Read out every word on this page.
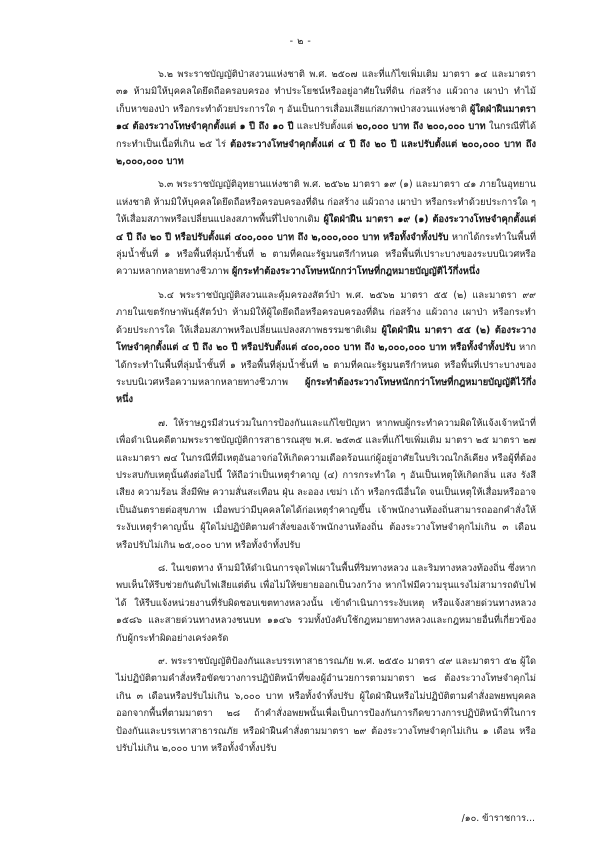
- ๒ -

๖.๒ พระราชบัญญัติป่าสงวนแห่งชาติ พ.ศ. ๒๕๐๗ และที่แก้ไขเพิ่มเติม มาตรา ๑๔ และมาตรา ๓๑ ห้ามมิให้บุคคลใดยึดถือครอบครอง ทำประโยชน์หรืออยู่อาศัยในที่ดิน ก่อสร้าง แผ้วถาง เผาป่า ทำไม้ เก็บหาของป่า หรือกระทำด้วยประการใด ๆ อันเป็นการเสื่อมเสียแก่สภาพป่าสงวนแห่งชาติ ผู้ใดฝ่าฝืนมาตรา ๑๔ ต้องระวางโทษจำคุกตั้งแต่ ๑ ปี ถึง ๑๐ ปี และปรับตั้งแต่ ๒๐,๐๐๐ บาท ถึง ๒๐๐,๐๐๐ บาท ในกรณีที่ได้กระทำเป็นเนื้อที่เกิน ๒๕ ไร่ ต้องระวางโทษจำคุกตั้งแต่ ๔ ปี ถึง ๒๐ ปี และปรับตั้งแต่ ๒๐๐,๐๐๐ บาท ถึง ๒,๐๐๐,๐๐๐ บาท

๖.๓ พระราชบัญญัติอุทยานแห่งชาติ พ.ศ. ๒๕๖๒ มาตรา ๑๙ (๑) และมาตรา ๔๑ ภายในอุทยานแห่งชาติ ห้ามมิให้บุคคลใดยึดถือหรือครอบครองที่ดิน ก่อสร้าง แผ้วถาง เผาป่า หรือกระทำด้วยประการใด ๆ ให้เสื่อมสภาพหรือเปลี่ยนแปลงสภาพพื้นที่ไปจากเดิม ผู้ใดฝ่าฝืน มาตรา ๑๙ (๑) ต้องระวางโทษจำคุกตั้งแต่ ๔ ปี ถึง ๒๐ ปี หรือปรับตั้งแต่ ๔๐๐,๐๐๐ บาท ถึง ๒,๐๐๐,๐๐๐ บาท หรือทั้งจำทั้งปรับ หากได้กระทำในพื้นที่ลุ่มน้ำชั้นที่ ๑ หรือพื้นที่ลุ่มน้ำชั้นที่ ๒ ตามที่คณะรัฐมนตรีกำหนด หรือพื้นที่เปราะบางของระบบนิเวศหรือความหลากหลายทางชีวภาพ ผู้กระทำต้องระวางโทษหนักกว่าโทษที่กฎหมายบัญญัติไว้กึ่งหนึ่ง

๖.๔ พระราชบัญญัติสงวนและคุ้มครองสัตว์ป่า พ.ศ. ๒๕๖๒ มาตรา ๕๕ (๒) และมาตรา ๙๙ ภายในเขตรักษาพันธุ์สัตว์ป่า ห้ามมิให้ผู้ใดยึดถือหรือครอบครองที่ดิน ก่อสร้าง แผ้วถาง เผาป่า หรือกระทำด้วยประการใด ให้เสื่อมสภาพหรือเปลี่ยนแปลงสภาพธรรมชาติเดิม ผู้ใดฝ่าฝืน มาตรา ๕๕ (๒) ต้องระวางโทษจำคุกตั้งแต่ ๔ ปี ถึง ๒๐ ปี หรือปรับตั้งแต่ ๔๐๐,๐๐๐ บาท ถึง ๒,๐๐๐,๐๐๐ บาท หรือทั้งจำทั้งปรับ หากได้กระทำในพื้นที่ลุ่มน้ำชั้นที่ ๑ หรือพื้นที่ลุ่มน้ำชั้นที่ ๒ ตามที่คณะรัฐมนตรีกำหนด หรือพื้นที่เปราะบางของระบบนิเวศหรือความหลากหลายทางชีวภาพ ผู้กระทำต้องระวางโทษหนักกว่าโทษที่กฎหมายบัญญัติไว้กึ่งหนึ่ง

๗. ให้ราษฎรมีส่วนร่วมในการป้องกันและแก้ไขปัญหา หากพบผู้กระทำความผิดให้แจ้งเจ้าหน้าที่ เพื่อดำเนินคดีตามพระราชบัญญัติการสาธารณสุข พ.ศ. ๒๕๓๕ และที่แก้ไขเพิ่มเติม มาตรา ๒๕ มาตรา ๒๗ และมาตรา ๗๔ ในกรณีที่มีเหตุอันอาจก่อให้เกิดความเดือดร้อนแก่ผู้อยู่อาศัยในบริเวณใกล้เคียง หรือผู้ที่ต้องประสบกับเหตุนั้นดังต่อไปนี้ ให้ถือว่าเป็นเหตุรำคาญ (๔) การกระทำใด ๆ อันเป็นเหตุให้เกิดกลิ่น แสง รังสี เสียง ความร้อน สิ่งมีพิษ ความสั่นสะเทือน ฝุ่น ละออง เขม่า เถ้า หรือกรณีอื่นใด จนเป็นเหตุให้เสื่อมหรืออาจเป็นอันตรายต่อสุขภาพ เมื่อพบว่ามีบุคคลใดได้ก่อเหตุรำคาญขึ้น เจ้าพนักงานท้องถิ่นสามารถออกคำสั่งให้ระงับเหตุรำคาญนั้น ผู้ใดไม่ปฏิบัติตามคำสั่งของเจ้าพนักงานท้องถิ่น ต้องระวางโทษจำคุกไม่เกิน ๓ เดือน หรือปรับไม่เกิน ๒๕,๐๐๐ บาท หรือทั้งจำทั้งปรับ

๘. ในเขตทาง ห้ามมิให้ดำเนินการจุดไฟเผาในพื้นที่ริมทางหลวง และริมทางหลวงท้องถิ่น ซึ่งหากพบเห็นให้รีบช่วยกันดับไฟเสียแต่ต้น เพื่อไม่ให้ขยายออกเป็นวงกว้าง หากไฟมีความรุนแรงไม่สามารถดับไฟได้ ให้รีบแจ้งหน่วยงานที่รับผิดชอบเขตทางหลวงนั้น เข้าดำเนินการระงับเหตุ หรือแจ้งสายด่วนทางหลวง ๑๕๘๖ และสายด่วนทางหลวงชนบท ๑๑๔๖ รวมทั้งบังคับใช้กฎหมายทางหลวงและกฎหมายอื่นที่เกี่ยวข้องกับผู้กระทำผิดอย่างเคร่งครัด

๙. พระราชบัญญัติป้องกันและบรรเทาสาธารณภัย พ.ศ. ๒๕๕๐ มาตรา ๔๙ และมาตรา ๕๒ ผู้ใดไม่ปฏิบัติตามคำสั่งหรือขัดขวางการปฏิบัติหน้าที่ของผู้อำนวยการตามมาตรา ๒๘ ต้องระวางโทษจำคุกไม่เกิน ๓ เดือนหรือปรับไม่เกิน ๖,๐๐๐ บาท หรือทั้งจำทั้งปรับ ผู้ใดฝ่าฝืนหรือไม่ปฏิบัติตามคำสั่งอพยพบุคคลออกจากพื้นที่ตามมาตรา ๒๘ ถ้าคำสั่งอพยพนั้นเพื่อเป็นการป้องกันการกีดขวางการปฏิบัติหน้าที่ในการป้องกันและบรรเทาสาธารณภัย หรือฝ่าฝืนคำสั่งตามมาตรา ๒๙ ต้องระวางโทษจำคุกไม่เกิน ๑ เดือน หรือปรับไม่เกิน ๒,๐๐๐ บาท หรือทั้งจำทั้งปรับ

/๑๐. ข้าราชการ...
